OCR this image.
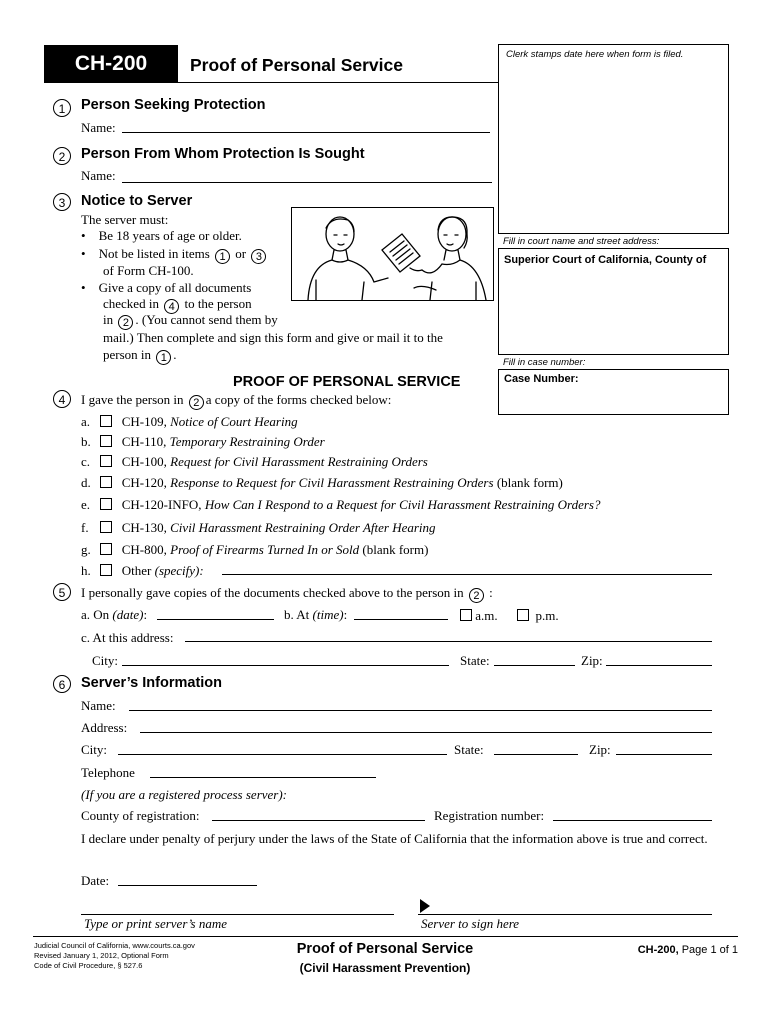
CH-200	Proof of Personal Service
Clerk stamps date here when form is filed.
Fill in court name and street address:
Superior Court of California, County of
Fill in case number:
Case Number:
1	Person Seeking Protection
Name:
2	Person From Whom Protection Is Sought
Name:
3	Notice to Server
The server must:
•    Be 18 years of age or older.
•    Not be listed in items 1 or 3
of Form CH-100.
•    Give a copy of all documents
checked in 4 to the person
in 2 . (You cannot send them by
mail.) Then complete and sign this form and give or mail it to the
person in 1 .
PROOF OF PERSONAL SERVICE
4	I gave the person in 2 a copy of the forms checked below:
a. CH-109, Notice of Court Hearing
b. CH-110, Temporary Restraining Order
c. CH-100, Request for Civil Harassment Restraining Orders
d. CH-120, Response to Request for Civil Harassment Restraining Orders (blank form)
e. CH-120-INFO, How Can I Respond to a Request for Civil Harassment Restraining Orders?
f.	CH-130, Civil Harassment Restraining Order After Hearing
g. CH-800, Proof of Firearms Turned In or Sold (blank form)
h. Other (specify):
5	I personally gave copies of the documents checked above to the person in 2 :
a. On (date):	b. At (time):	a.m.	p.m.
c. At this address:
City:	State:	Zip:
6	Server’s Information
Name:
Address:
City:	State:	Zip:
Telephone
(If you are a registered process server):
County of registration:	Registration number:
I declare under penalty of perjury under the laws of the State of California that the information above is true and correct.
Date:
Type or print server’s name	Server to sign here
Judicial Council of California, www.courts.ca.gov
Revised January 1, 2012, Optional Form
Code of Civil Procedure, § 527.6
Proof of Personal Service
(Civil Harassment Prevention)
CH-200, Page 1 of 1
